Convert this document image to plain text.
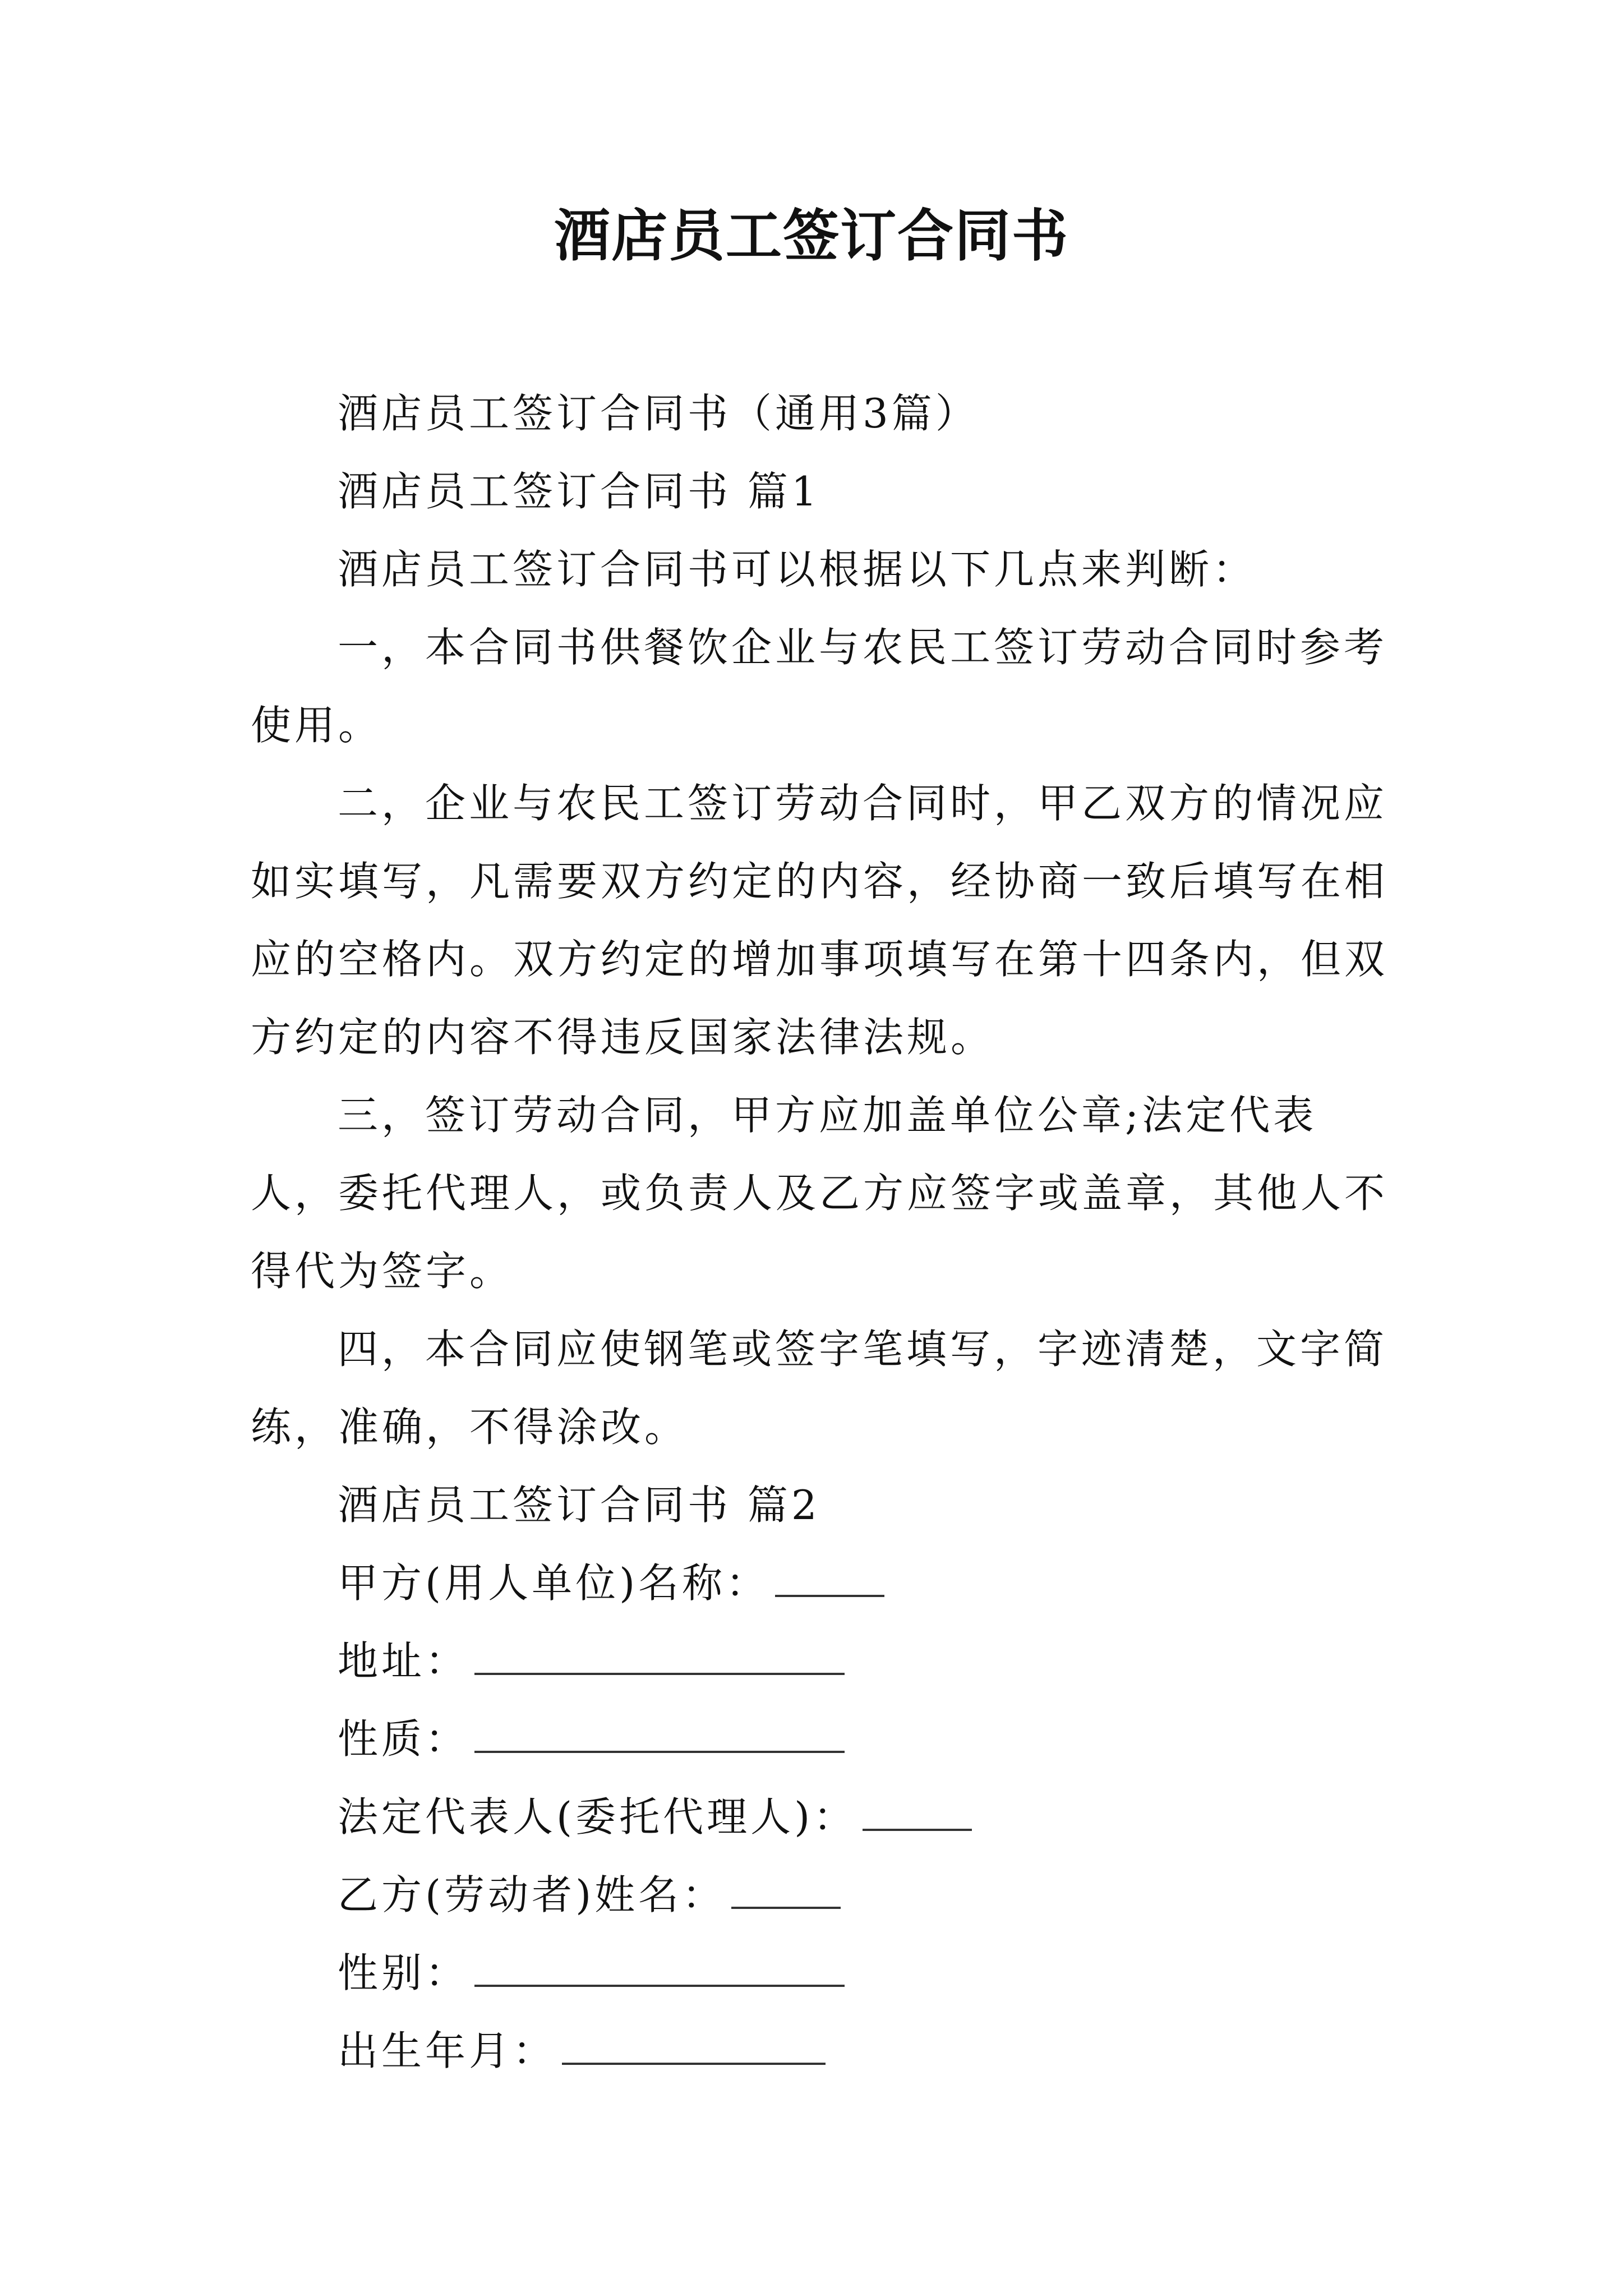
酒店员工签订合同书

酒店员工签订合同书（通用3篇）

酒店员工签订合同书 篇1

酒店员工签订合同书可以根据以下几点来判断：

一，本合同书供餐饮企业与农民工签订劳动合同时参考使用。

二，企业与农民工签订劳动合同时，甲乙双方的情况应如实填写，凡需要双方约定的内容，经协商一致后填写在相应的空格内。双方约定的增加事项填写在第十四条内，但双方约定的内容不得违反国家法律法规。

三，签订劳动合同，甲方应加盖单位公章;法定代表人，委托代理人，或负责人及乙方应签字或盖章，其他人不得代为签字。

四，本合同应使钢笔或签字笔填写，字迹清楚，文字简练，准确，不得涂改。

酒店员工签订合同书 篇2

甲方(用人单位)名称：

地址：

性质：

法定代表人(委托代理人)：

乙方(劳动者)姓名：

性别：

出生年月：
